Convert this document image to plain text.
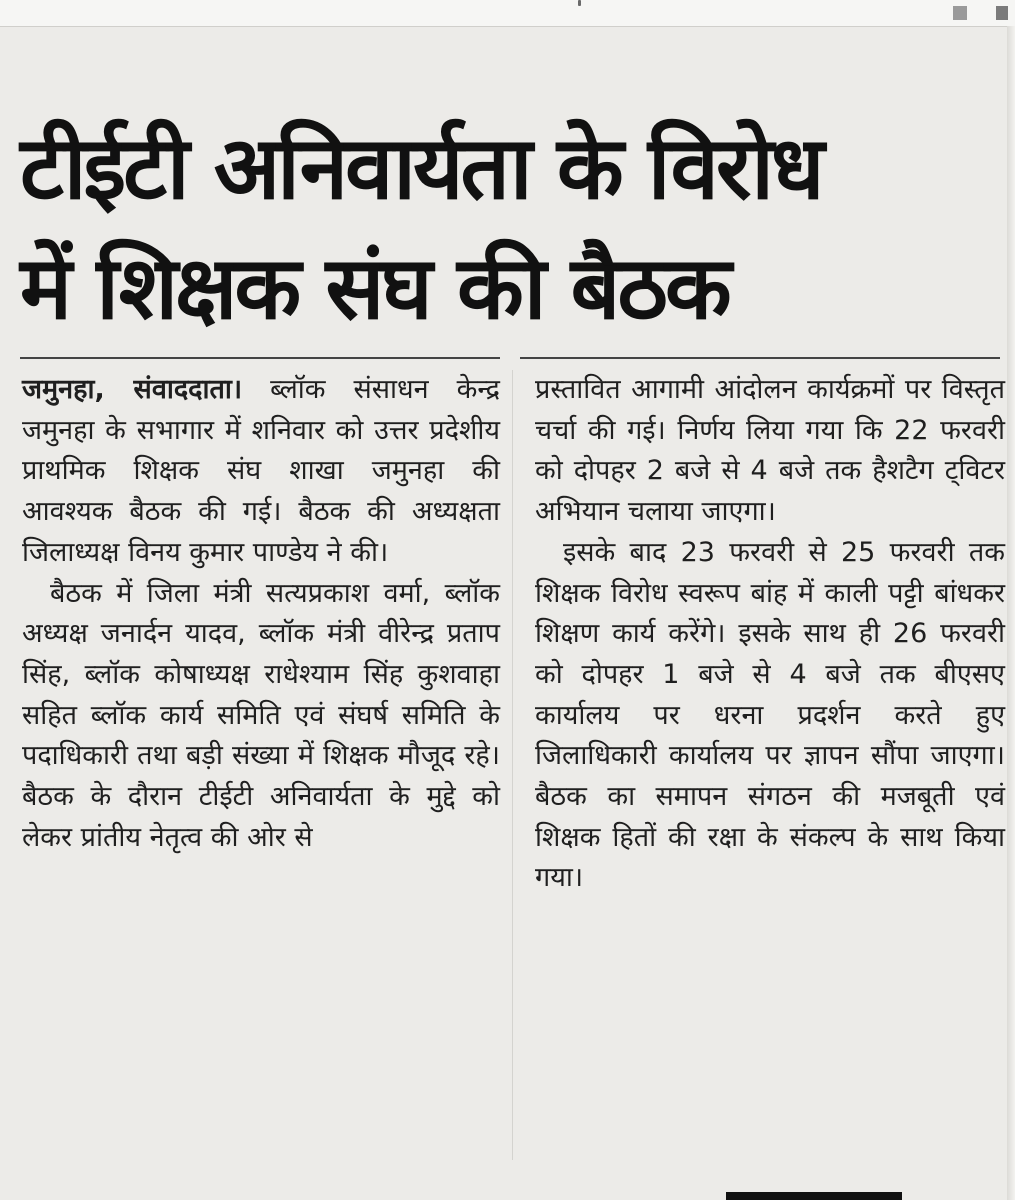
टीईटी अनिवार्यता के विरोध
में शिक्षक संघ की बैठक

जमुनहा, संवाददाता। ब्लॉक संसाधन केन्द्र जमुनहा के सभागार में शनिवार को उत्तर प्रदेशीय प्राथमिक शिक्षक संघ शाखा जमुनहा की आवश्यक बैठक की गई। बैठक की अध्यक्षता जिलाध्यक्ष विनय कुमार पाण्डेय ने की।

बैठक में जिला मंत्री सत्यप्रकाश वर्मा, ब्लॉक अध्यक्ष जनार्दन यादव, ब्लॉक मंत्री वीरेन्द्र प्रताप सिंह, ब्लॉक कोषाध्यक्ष राधेश्याम सिंह कुशवाहा सहित ब्लॉक कार्य समिति एवं संघर्ष समिति के पदाधिकारी तथा बड़ी संख्या में शिक्षक मौजूद रहे। बैठक के दौरान टीईटी अनिवार्यता के मुद्दे को लेकर प्रांतीय नेतृत्व की ओर से

प्रस्तावित आगामी आंदोलन कार्यक्रमों पर विस्तृत चर्चा की गई। निर्णय लिया गया कि 22 फरवरी को दोपहर 2 बजे से 4 बजे तक हैशटैग ट्विटर अभियान चलाया जाएगा।

इसके बाद 23 फरवरी से 25 फरवरी तक शिक्षक विरोध स्वरूप बांह में काली पट्टी बांधकर शिक्षण कार्य करेंगे। इसके साथ ही 26 फरवरी को दोपहर 1 बजे से 4 बजे तक बीएसए कार्यालय पर धरना प्रदर्शन करते हुए जिलाधिकारी कार्यालय पर ज्ञापन सौंपा जाएगा। बैठक का समापन संगठन की मजबूती एवं शिक्षक हितों की रक्षा के संकल्प के साथ किया गया।
